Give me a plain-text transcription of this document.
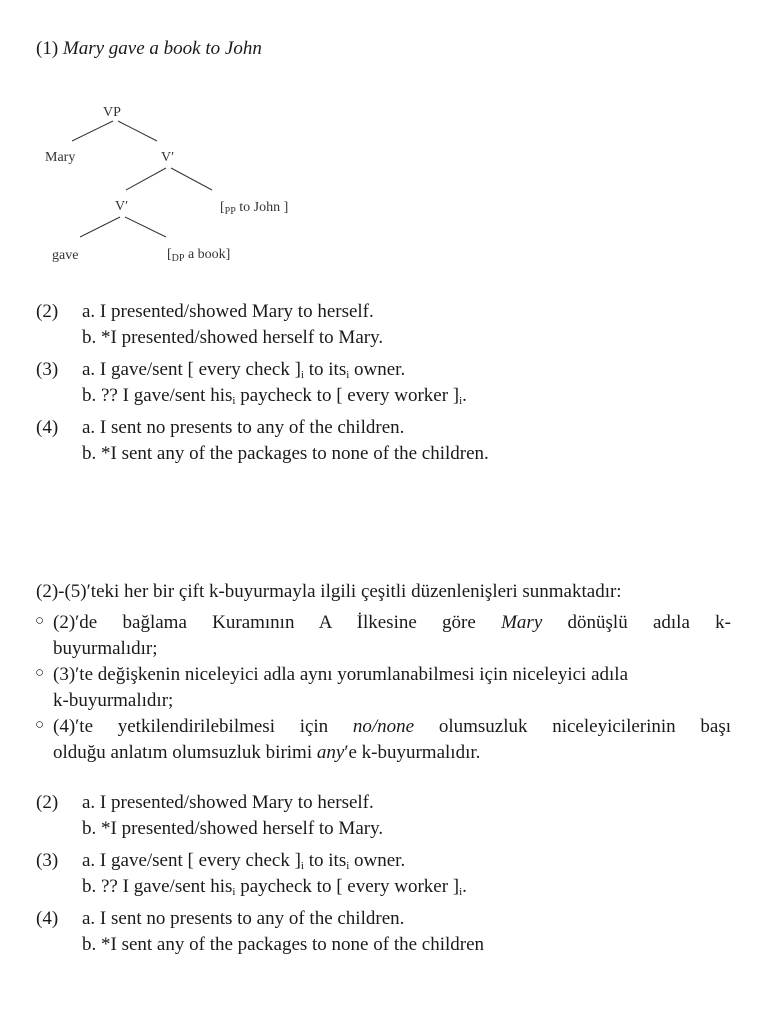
(1) Mary gave a book to John
VP
Mary	V′
V′	[$_{PP}$ to John ]
gave	[$_{DP}$ a book]
(2) a. I presented/showed Mary to herself.
b. *I presented/showed herself to Mary.
(3) a. I gave/sent [ every check ]$_i$ to its$_i$ owner.
b. ?? I gave/sent his$_i$ paycheck to [ every worker ]$_i$.
(4) a. I sent no presents to any of the children.
b. *I sent any of the packages to none of the children.
(2)-(5)′teki her bir çift k-buyurmayla ilgili çeşitli düzenlenişleri sunmaktadır:
○ (2)′de bağlama Kuramının A İlkesine göre Mary dönüşlü adıla k-
buyurmalıdır;
○ (3)′te değişkenin niceleyici adla aynı yorumlanabilmesi için niceleyici adıla
k-buyurmalıdır;
○ (4)′te yetkilendirilebilmesi için no/none olumsuzluk niceleyicilerinin başı
olduğu anlatım olumsuzluk birimi any′e k-buyurmalıdır.
(2) a. I presented/showed Mary to herself.
b. *I presented/showed herself to Mary.
(3) a. I gave/sent [ every check ]$_i$ to its$_i$ owner.
b. ?? I gave/sent his$_i$ paycheck to [ every worker ]$_i$.
(4) a. I sent no presents to any of the children.
b. *I sent any of the packages to none of the children
